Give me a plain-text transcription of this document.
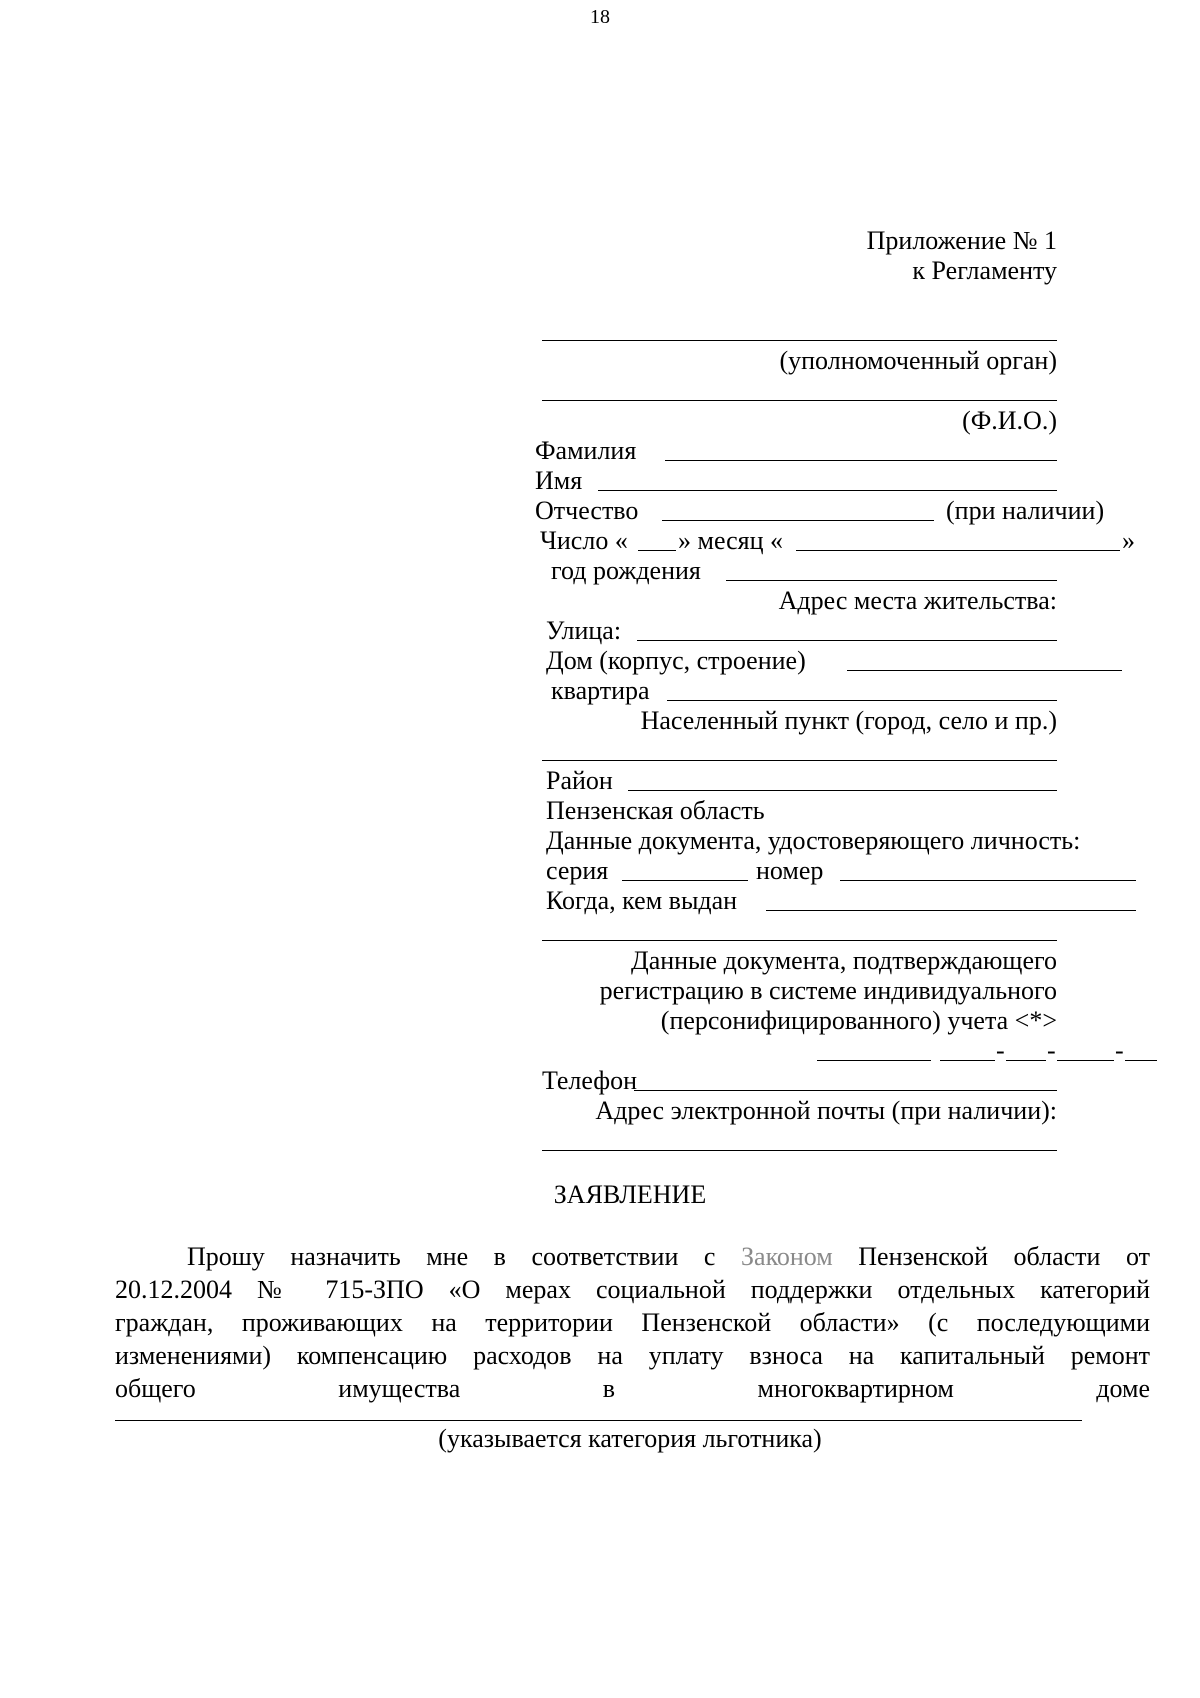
18
Приложение № 1
к Регламенту
(уполномоченный орган)
(Ф.И.О.)
Фамилия
Имя
Отчество	(при наличии)
Число « » месяц «	»
год рождения
Адрес места жительства:
Улица:
Дом (корпус, строение)
квартира
Населенный пункт (город, село и пр.)
Район
Пензенская область
Данные документа, удостоверяющего личность:
серия	номер
Когда, кем выдан
Данные документа, подтверждающего
регистрацию в системе индивидуального
(персонифицированного) учета <*>
- - -
Телефон
Адрес электронной почты (при наличии):
ЗАЯВЛЕНИЕ
Прошу назначить мне в соответствии с Законом Пензенской области от
20.12.2004 № 715-ЗПО «О мерах социальной поддержки отдельных категорий
граждан, проживающих на территории Пензенской области» (с последующими
изменениями) компенсацию расходов на уплату взноса на капитальный ремонт
общего имущества в многоквартирном доме
(указывается категория льготника)
